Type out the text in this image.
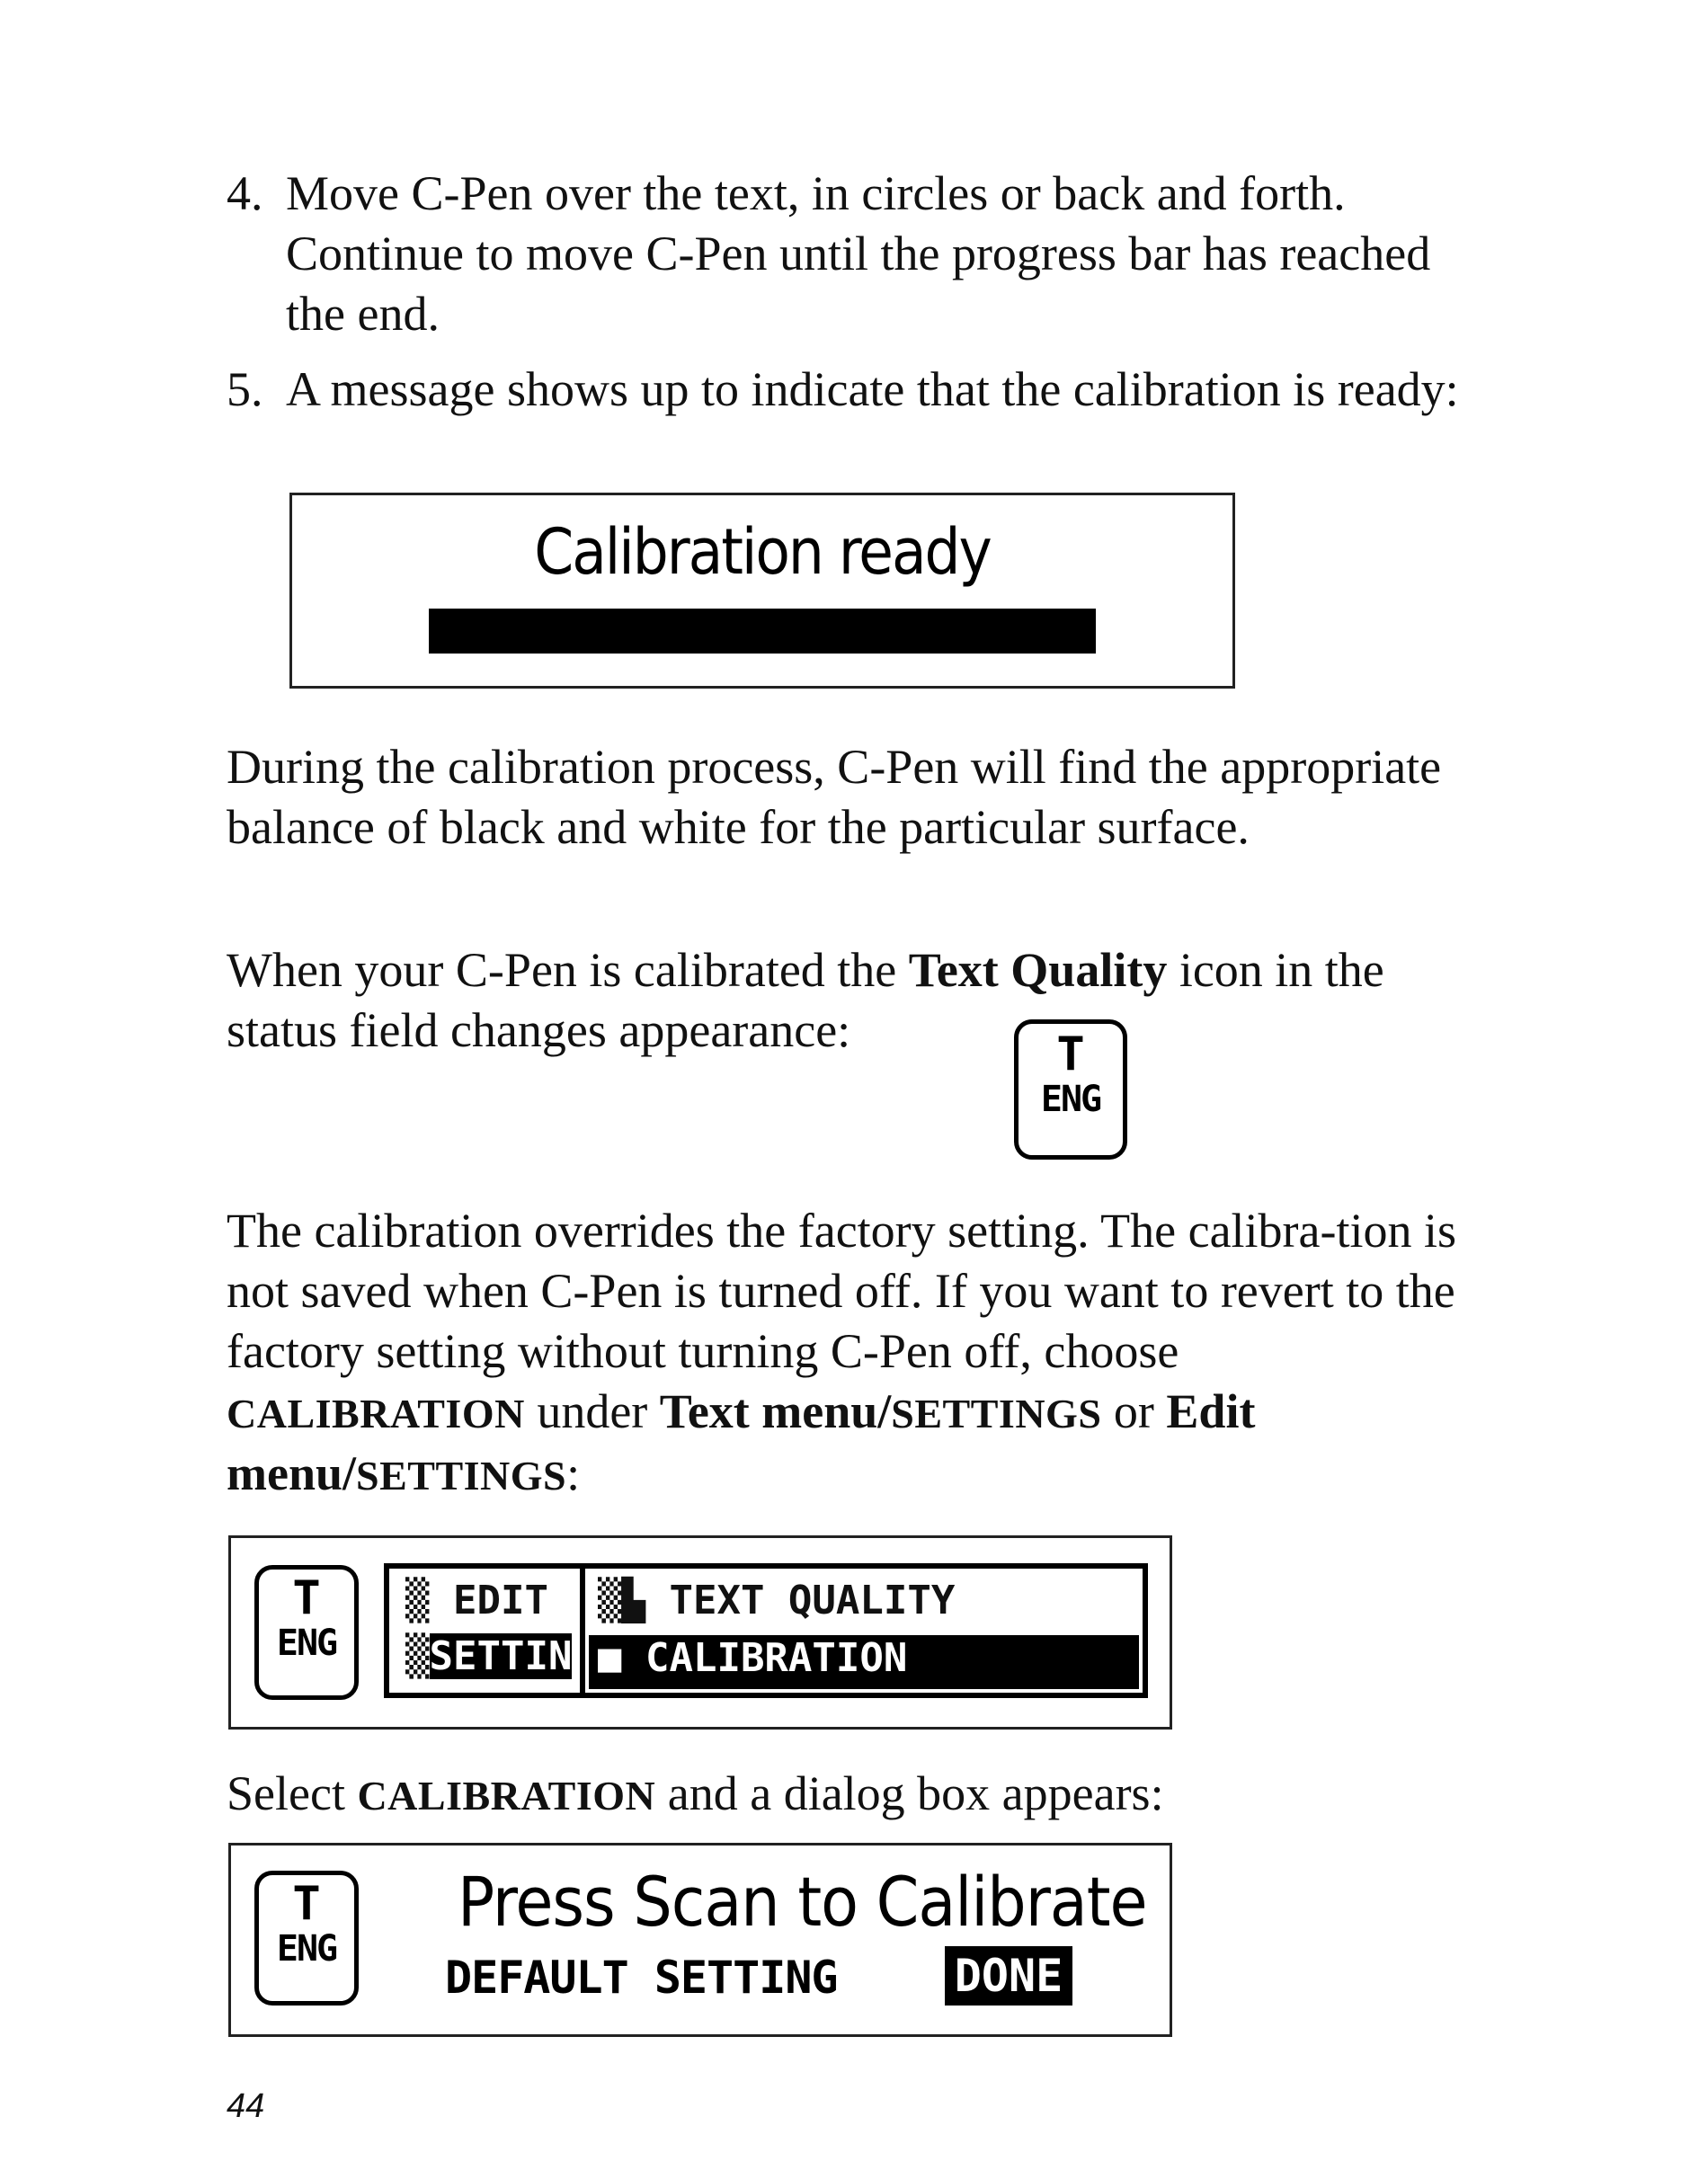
4. Move C-Pen over the text, in circles or back and forth. Continue to move C-Pen until the progress bar has reached the end.
5. A message shows up to indicate that the calibration is ready:
Calibration ready

During the calibration process, C-Pen will find the appropriate balance of black and white for the particular surface.

When your C-Pen is calibrated the Text Quality icon in the status field changes appearance:	T
ENG

The calibration overrides the factory setting. The calibra-tion is not saved when C-Pen is turned off. If you want to revert to the factory setting without turning C-Pen off, choose CALIBRATION under Text menu/SETTINGS or Edit menu/SETTINGS:

T
ENG
▒ EDIT
▒SETTIN
▒▙ TEXT QUALITY
■ CALIBRATION

Select CALIBRATION and a dialog box appears:

T
ENG
Press Scan to Calibrate
DEFAULT SETTING	DONE
44
